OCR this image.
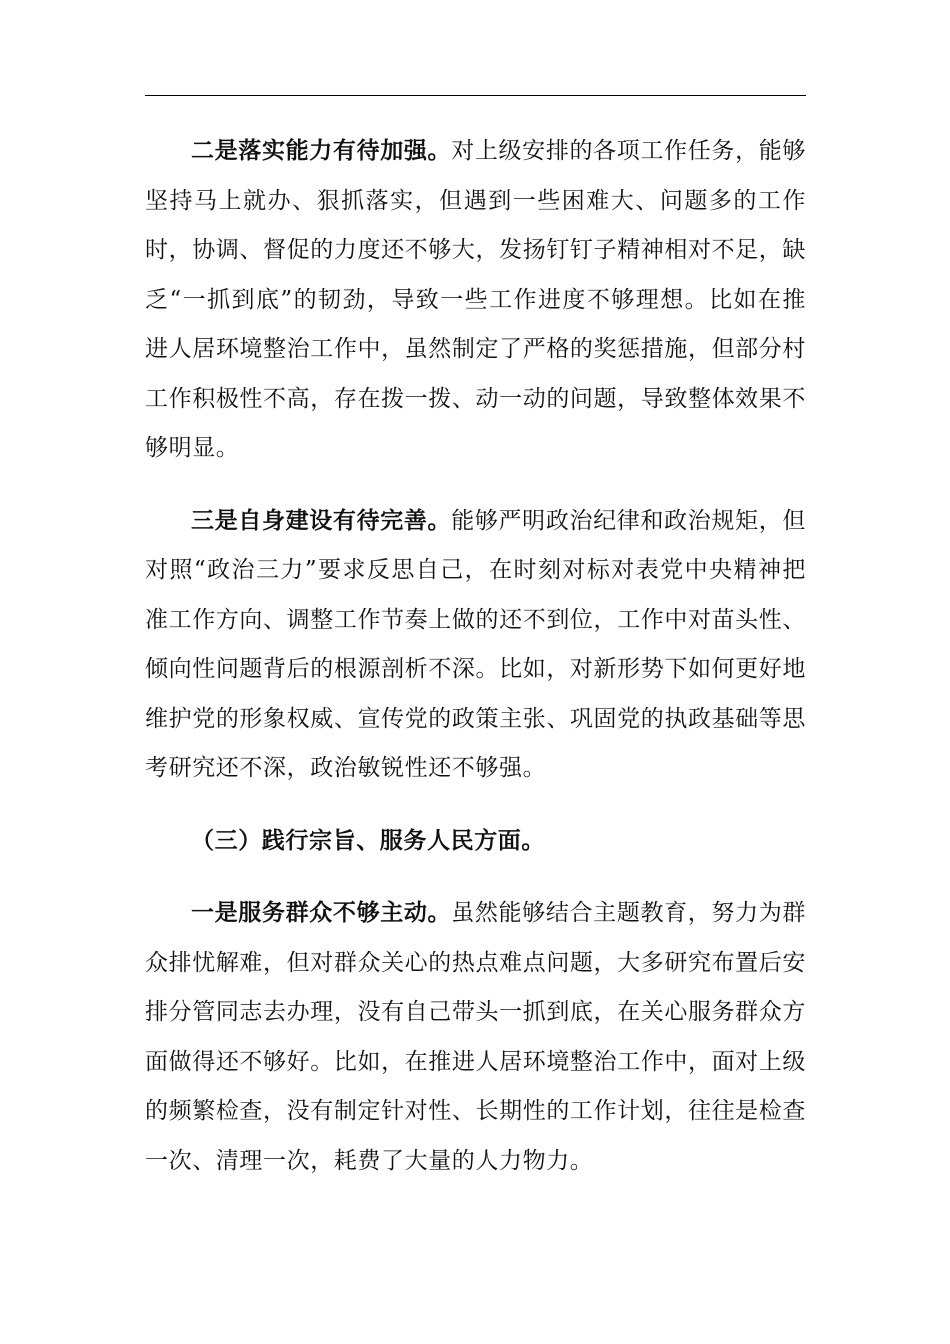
二是落实能力有待加强。对上级安排的各项工作任务，能够坚持马上就办、狠抓落实，但遇到一些困难大、问题多的工作时，协调、督促的力度还不够大，发扬钉钉子精神相对不足，缺乏“一抓到底”的韧劲，导致一些工作进度不够理想。比如在推进人居环境整治工作中，虽然制定了严格的奖惩措施，但部分村工作积极性不高，存在拨一拨、动一动的问题，导致整体效果不够明显。

三是自身建设有待完善。能够严明政治纪律和政治规矩，但对照“政治三力”要求反思自己，在时刻对标对表党中央精神把准工作方向、调整工作节奏上做的还不到位，工作中对苗头性、倾向性问题背后的根源剖析不深。比如，对新形势下如何更好地维护党的形象权威、宣传党的政策主张、巩固党的执政基础等思考研究还不深，政治敏锐性还不够强。

（三）践行宗旨、服务人民方面。

一是服务群众不够主动。虽然能够结合主题教育，努力为群众排忧解难，但对群众关心的热点难点问题，大多研究布置后安排分管同志去办理，没有自己带头一抓到底，在关心服务群众方面做得还不够好。比如，在推进人居环境整治工作中，面对上级的频繁检查，没有制定针对性、长期性的工作计划，往往是检查一次、清理一次，耗费了大量的人力物力。
